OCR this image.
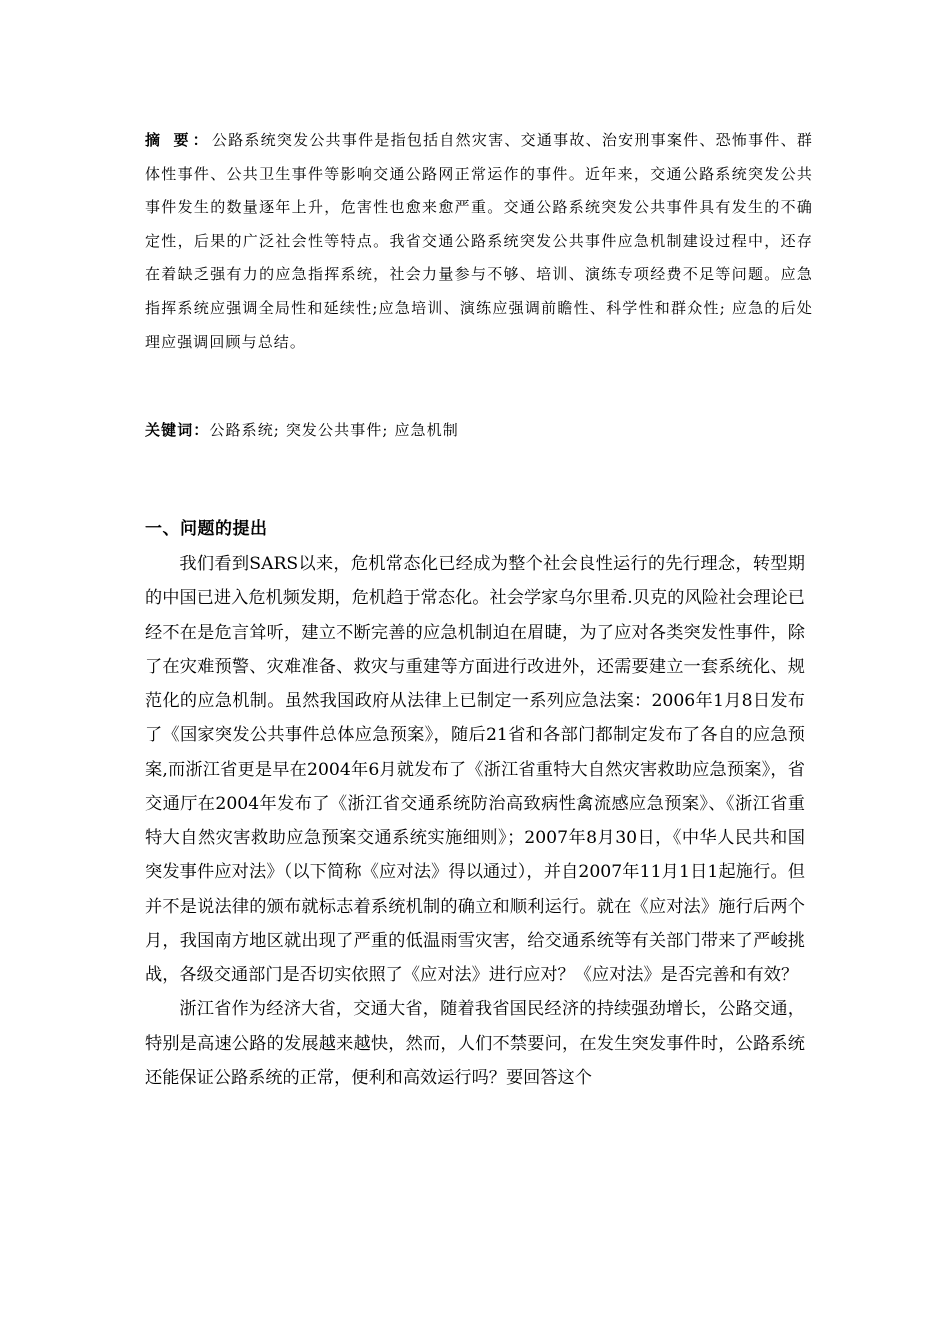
摘 要：公路系统突发公共事件是指包括自然灾害、交通事故、治安刑事案件、恐怖事件、群体性事件、公共卫生事件等影响交通公路网正常运作的事件。近年来，交通公路系统突发公共事件发生的数量逐年上升，危害性也愈来愈严重。交通公路系统突发公共事件具有发生的不确定性，后果的广泛社会性等特点。我省交通公路系统突发公共事件应急机制建设过程中，还存在着缺乏强有力的应急指挥系统，社会力量参与不够、培训、演练专项经费不足等问题。应急指挥系统应强调全局性和延续性;应急培训、演练应强调前瞻性、科学性和群众性; 应急的后处理应强调回顾与总结。

关键词：公路系统; 突发公共事件; 应急机制

一、问题的提出

我们看到SARS以来，危机常态化已经成为整个社会良性运行的先行理念，转型期的中国已进入危机频发期，危机趋于常态化。社会学家乌尔里希.贝克的风险社会理论已经不在是危言耸听，建立不断完善的应急机制迫在眉睫，为了应对各类突发性事件，除了在灾难预警、灾难准备、救灾与重建等方面进行改进外，还需要建立一套系统化、规范化的应急机制。虽然我国政府从法律上已制定一系列应急法案：2006年1月8日发布了《国家突发公共事件总体应急预案》，随后21省和各部门都制定发布了各自的应急预案,而浙江省更是早在2004年6月就发布了《浙江省重特大自然灾害救助应急预案》，省交通厅在2004年发布了《浙江省交通系统防治高致病性禽流感应急预案》、《浙江省重特大自然灾害救助应急预案交通系统实施细则》；2007年8月30日，《中华人民共和国突发事件应对法》（以下简称《应对法》得以通过），并自2007年11月1日1起施行。但并不是说法律的颁布就标志着系统机制的确立和顺利运行。就在《应对法》施行后两个月，我国南方地区就出现了严重的低温雨雪灾害，给交通系统等有关部门带来了严峻挑战，各级交通部门是否切实依照了《应对法》进行应对？《应对法》是否完善和有效？

浙江省作为经济大省，交通大省，随着我省国民经济的持续强劲增长，公路交通，特别是高速公路的发展越来越快，然而，人们不禁要问，在发生突发事件时，公路系统还能保证公路系统的正常，便利和高效运行吗？要回答这个
